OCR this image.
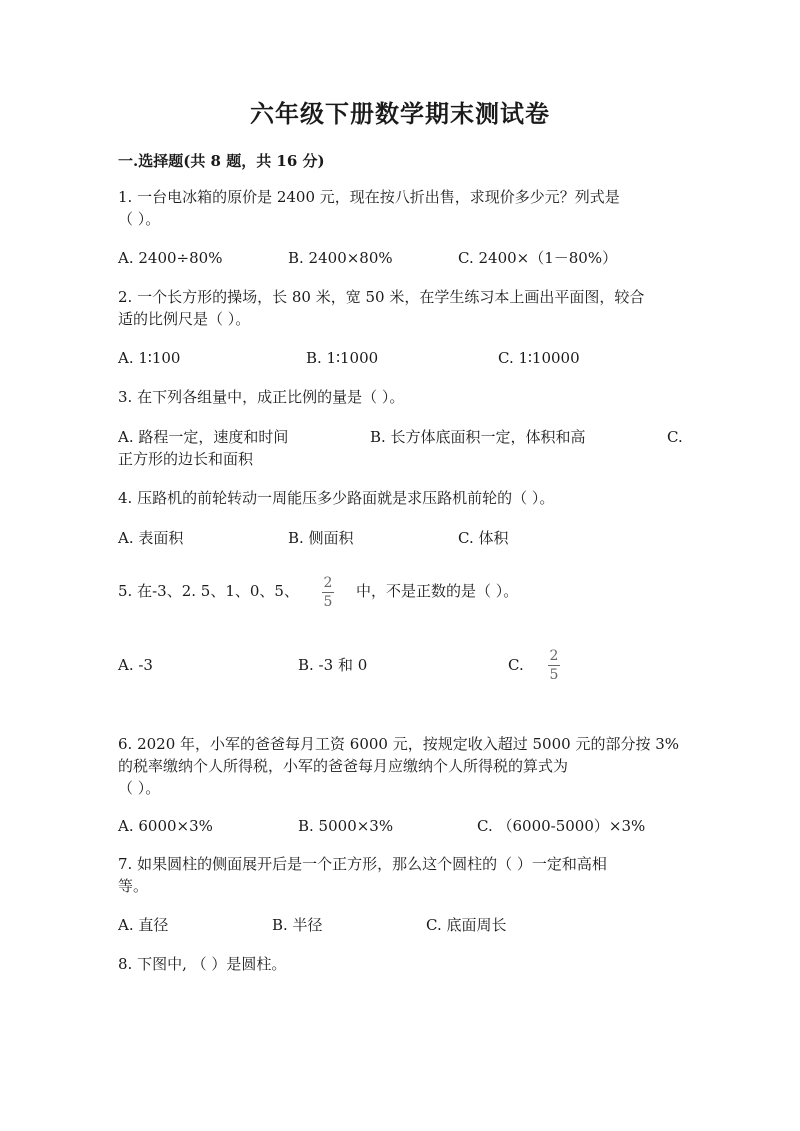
六年级下册数学期末测试卷
一.选择题(共 8 题，共 16 分)
1. 一台电冰箱的原价是 2400 元，现在按八折出售，求现价多少元？列式是
（ ）。
A. 2400÷80%	B. 2400×80%	C. 2400×（1－80%）
2. 一个长方形的操场，长 80 米，宽 50 米，在学生练习本上画出平面图，较合
适的比例尺是（ ）。
A. 1∶100	B. 1∶1000	C. 1∶10000
3. 在下列各组量中，成正比例的量是（ ）。
A. 路程一定，速度和时间	B. 长方体底面积一定，体积和高	C.
正方形的边长和面积
4. 压路机的前轮转动一周能压多少路面就是求压路机前轮的（ ）。
A. 表面积	B. 侧面积	C. 体积
5. 在-3、2. 5、1、0、5、 2
5
中，不是正数的是（ ）。
A. -3	B. -3 和 0	C. 2
5
6. 2020 年，小军的爸爸每月工资 6000 元，按规定收入超过 5000 元的部分按 3%
的税率缴纳个人所得税，小军的爸爸每月应缴纳个人所得税的算式为
（ ）。
A. 6000×3%	B. 5000×3%	C. （6000-5000）×3%
7. 如果圆柱的侧面展开后是一个正方形，那么这个圆柱的（ ）一定和高相
等。
A. 直径	B. 半径	C. 底面周长
8. 下图中, （ ）是圆柱。
